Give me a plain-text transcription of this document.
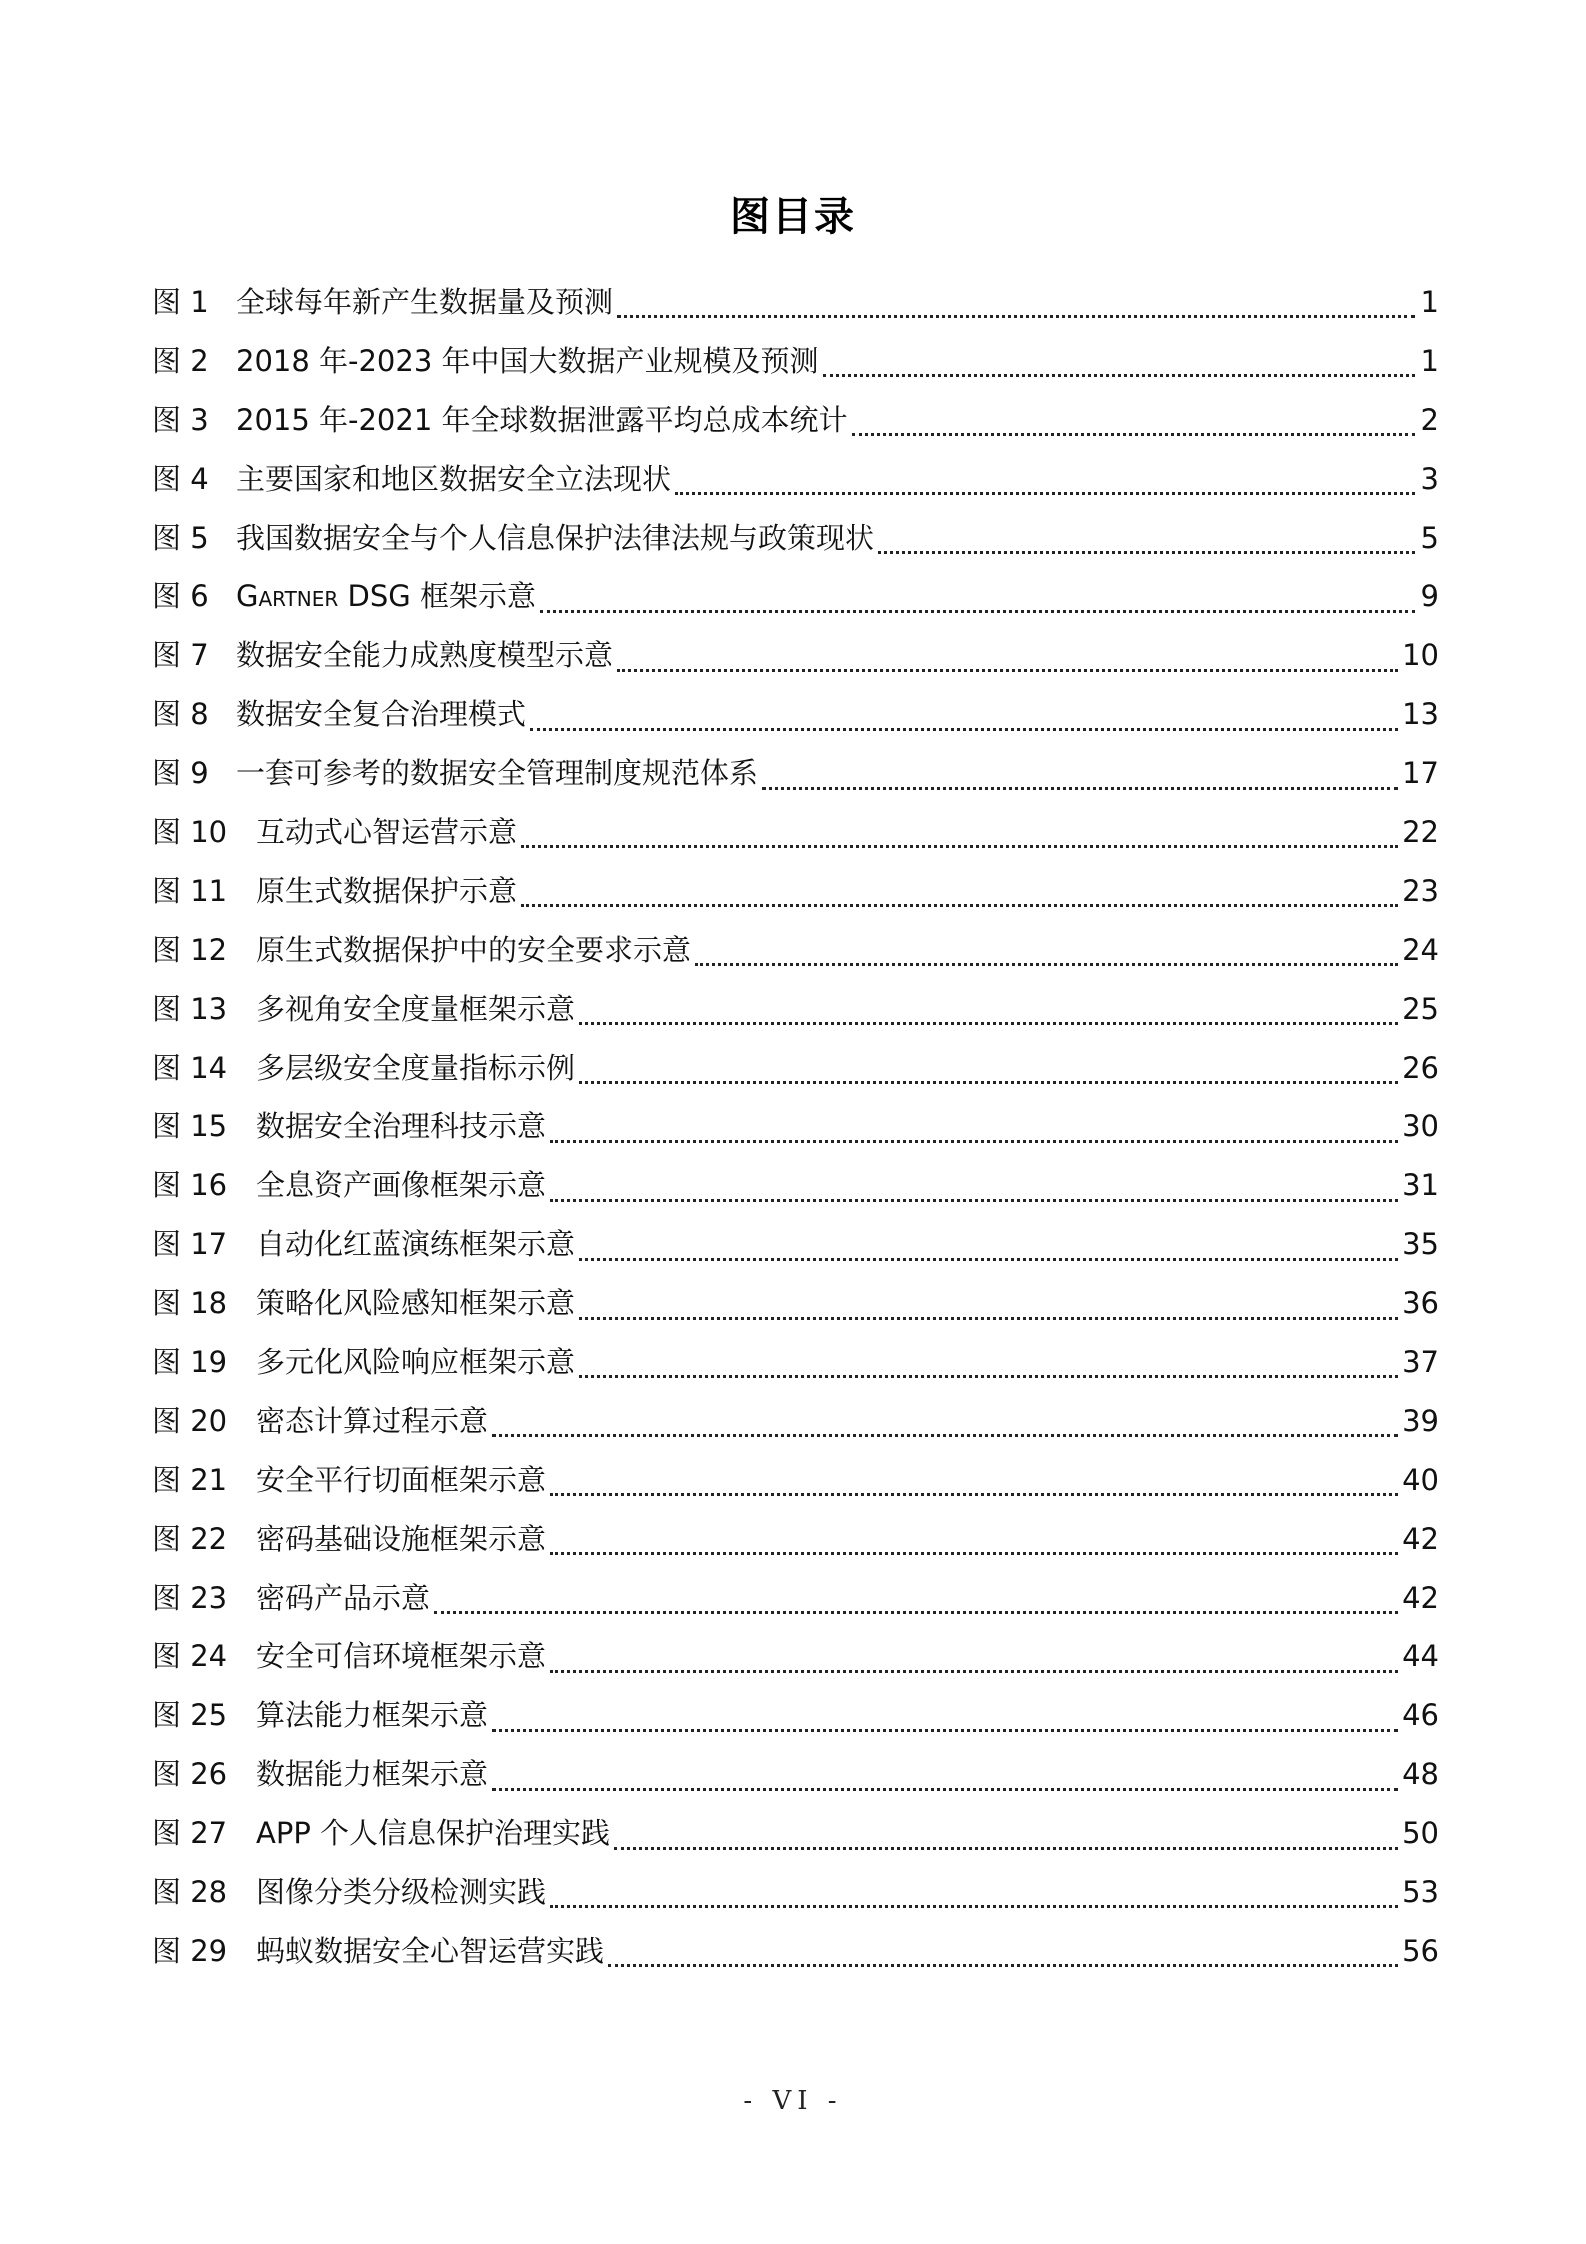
图目录
图 1 全球每年新产生数据量及预测	1
图 2 2018 年-2023 年中国大数据产业规模及预测	1
图 3 2015 年-2021 年全球数据泄露平均总成本统计	2
图 4 主要国家和地区数据安全立法现状	3
图 5 我国数据安全与个人信息保护法律法规与政策现状	5
图 6 Gartner DSG 框架示意	9
图 7 数据安全能力成熟度模型示意	10
图 8 数据安全复合治理模式	13
图 9 一套可参考的数据安全管理制度规范体系	17
图 10 互动式心智运营示意	22
图 11 原生式数据保护示意	23
图 12 原生式数据保护中的安全要求示意	24
图 13 多视角安全度量框架示意	25
图 14 多层级安全度量指标示例	26
图 15 数据安全治理科技示意	30
图 16 全息资产画像框架示意	31
图 17 自动化红蓝演练框架示意	35
图 18 策略化风险感知框架示意	36
图 19 多元化风险响应框架示意	37
图 20 密态计算过程示意	39
图 21 安全平行切面框架示意	40
图 22 密码基础设施框架示意	42
图 23 密码产品示意	42
图 24 安全可信环境框架示意	44
图 25 算法能力框架示意	46
图 26 数据能力框架示意	48
图 27 APP 个人信息保护治理实践	50
图 28 图像分类分级检测实践	53
图 29 蚂蚁数据安全心智运营实践	56
- VI -
